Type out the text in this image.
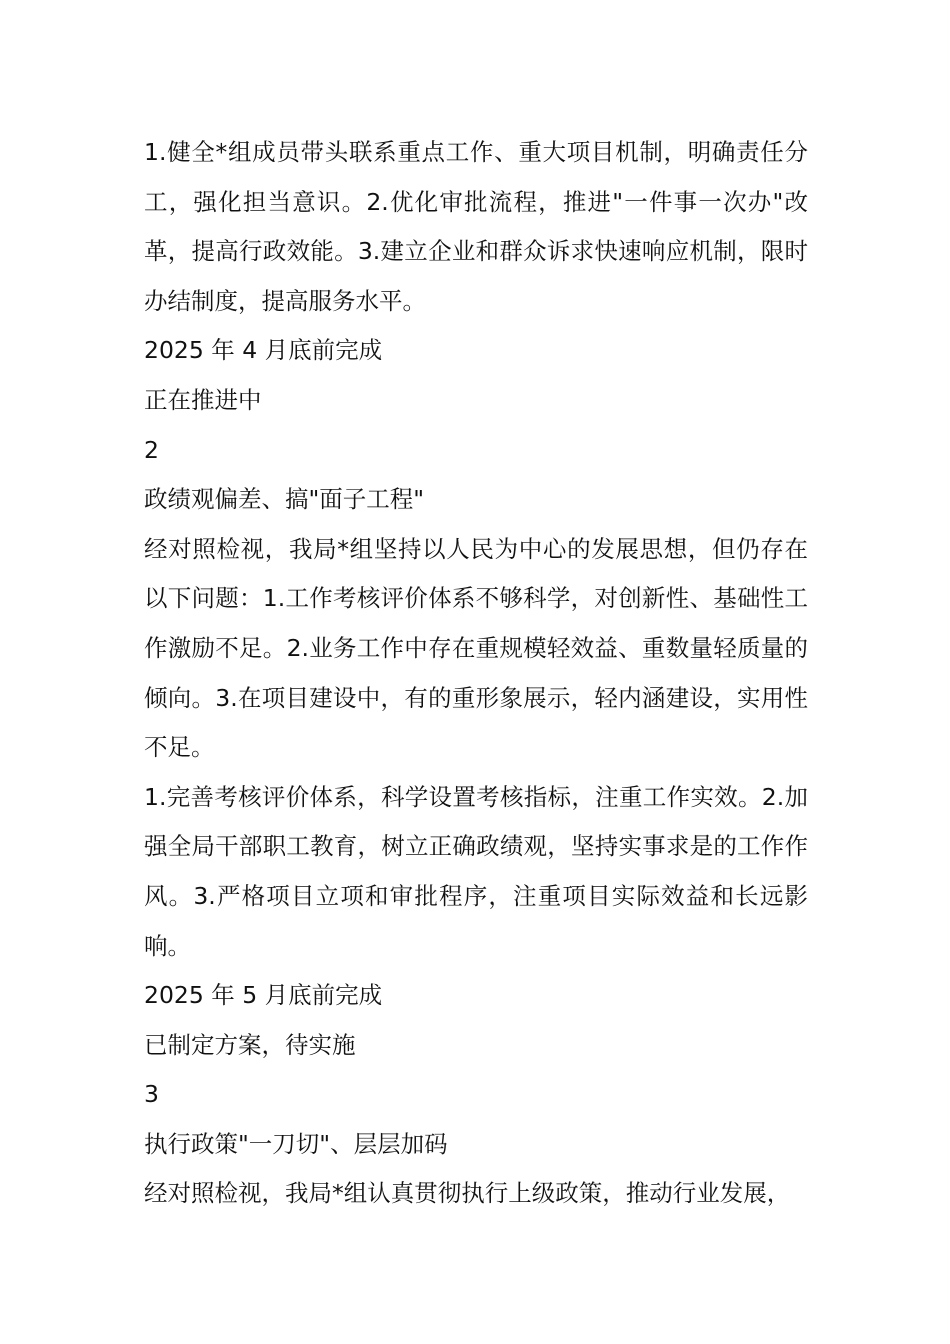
1.健全*组成员带头联系重点工作、重大项目机制，明确责任分工，强化担当意识。2.优化审批流程，推进"一件事一次办"改革，提高行政效能。3.建立企业和群众诉求快速响应机制，限时办结制度，提高服务水平。

2025 年 4 月底前完成

正在推进中

2

政绩观偏差、搞"面子工程"

经对照检视，我局*组坚持以人民为中心的发展思想，但仍存在以下问题：1.工作考核评价体系不够科学，对创新性、基础性工作激励不足。2.业务工作中存在重规模轻效益、重数量轻质量的倾向。3.在项目建设中，有的重形象展示，轻内涵建设，实用性不足。

1.完善考核评价体系，科学设置考核指标，注重工作实效。2.加强全局干部职工教育，树立正确政绩观，坚持实事求是的工作作风。3.严格项目立项和审批程序，注重项目实际效益和长远影响。

2025 年 5 月底前完成

已制定方案，待实施

3

执行政策"一刀切"、层层加码

经对照检视，我局*组认真贯彻执行上级政策，推动行业发展，
